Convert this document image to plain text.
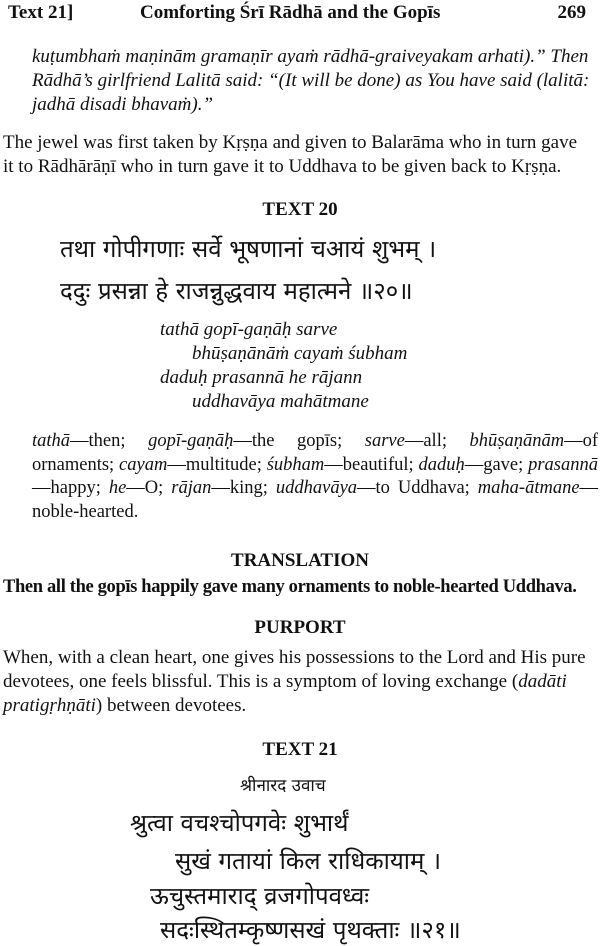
Text 21]	Comforting Śrī Rādhā and the Gopīs	269
kuṭumbhaṁ maṇinām gramaṇīr ayaṁ rādhā-graiveyakam arhati).” Then
Rādhā’s girlfriend Lalitā said: “(It will be done) as You have said (lalitā:
jadhā disadi bhavaṁ).”
The jewel was first taken by Kṛṣṇa and given to Balarāma who in turn gave
it to Rādhārāṇī who in turn gave it to Uddhava to be given back to Kṛṣṇa.
TEXT 20
तथा गोपीगणाः सर्वे भूषणानां चआयं शुभम् ।
ददुः प्रसन्ना हे राजन्नुद्धवाय महात्मने ॥२०॥
tathā gopī-gaṇāḥ sarve
bhūṣaṇānāṁ cayaṁ śubham
daduḥ prasannā he rājann
uddhavāya mahātmane
tathā—then; gopī-gaṇāḥ—the gopīs; sarve—all; bhūṣaṇānām—of ornaments; cayam—multitude; śubham—beautiful; daduḥ—gave; prasannā—happy; he—O; rājan—king; uddhavāya—to Uddhava; maha-ātmane—noble-hearted.
TRANSLATION
Then all the gopīs happily gave many ornaments to noble-hearted Uddhava.
PURPORT
When, with a clean heart, one gives his possessions to the Lord and His pure
devotees, one feels blissful. This is a symptom of loving exchange (dadāti
pratigṛhṇāti) between devotees.
TEXT 21
श्रीनारद उवाच
श्रुत्वा वचश्चोपगवेः शुभार्थं
सुखं गतायां किल राधिकायाम् ।
ऊचुस्तमाराद् व्रजगोपवध्वः
सदःस्थितम्कृष्णसखं पृथक्ताः ॥२१॥
